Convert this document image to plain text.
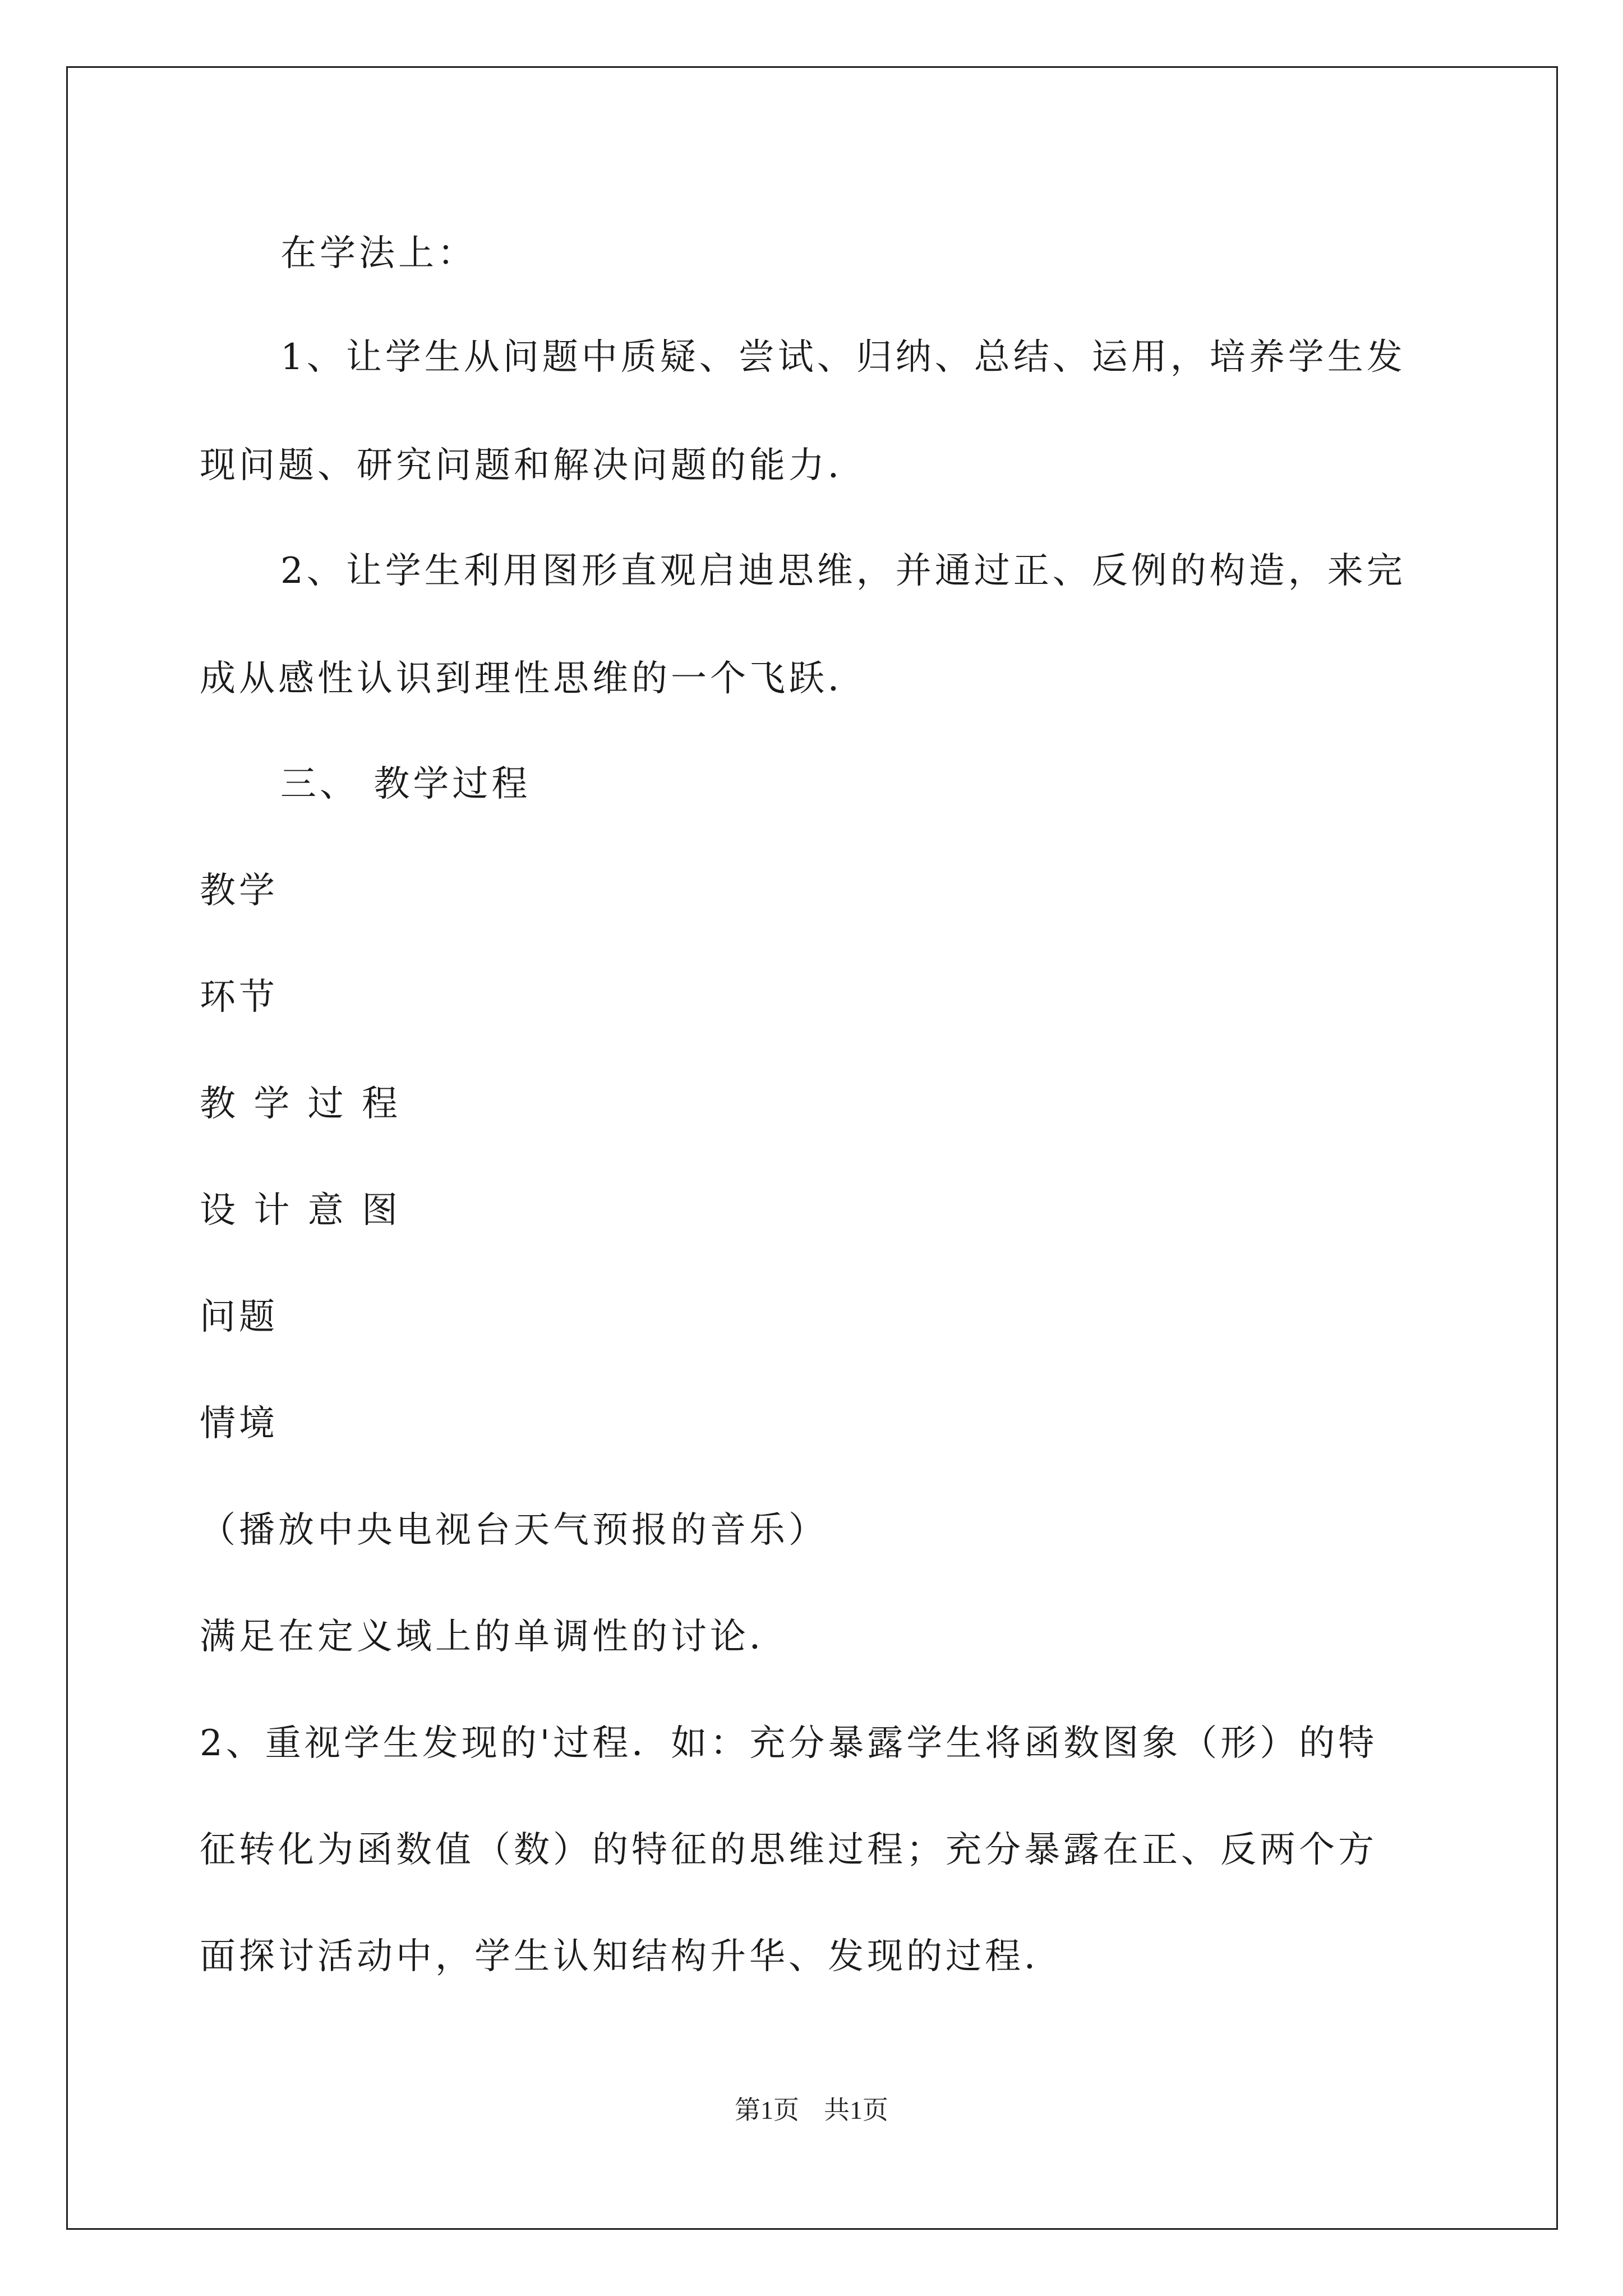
在学法上：
1、让学生从问题中质疑、尝试、归纳、总结、运用，培养学生发
现问题、研究问题和解决问题的能力．
2、让学生利用图形直观启迪思维，并通过正、反例的构造，来完
成从感性认识到理性思维的一个飞跃．
三、 教学过程
教学
环节
教 学 过 程
设 计 意 图
问题
情境
（播放中央电视台天气预报的音乐）
满足在定义域上的单调性的讨论．
2、重视学生发现的'过程．如：充分暴露学生将函数图象（形）的特
征转化为函数值（数）的特征的思维过程；充分暴露在正、反两个方
面探讨活动中，学生认知结构升华、发现的过程．
第1页 共1页
